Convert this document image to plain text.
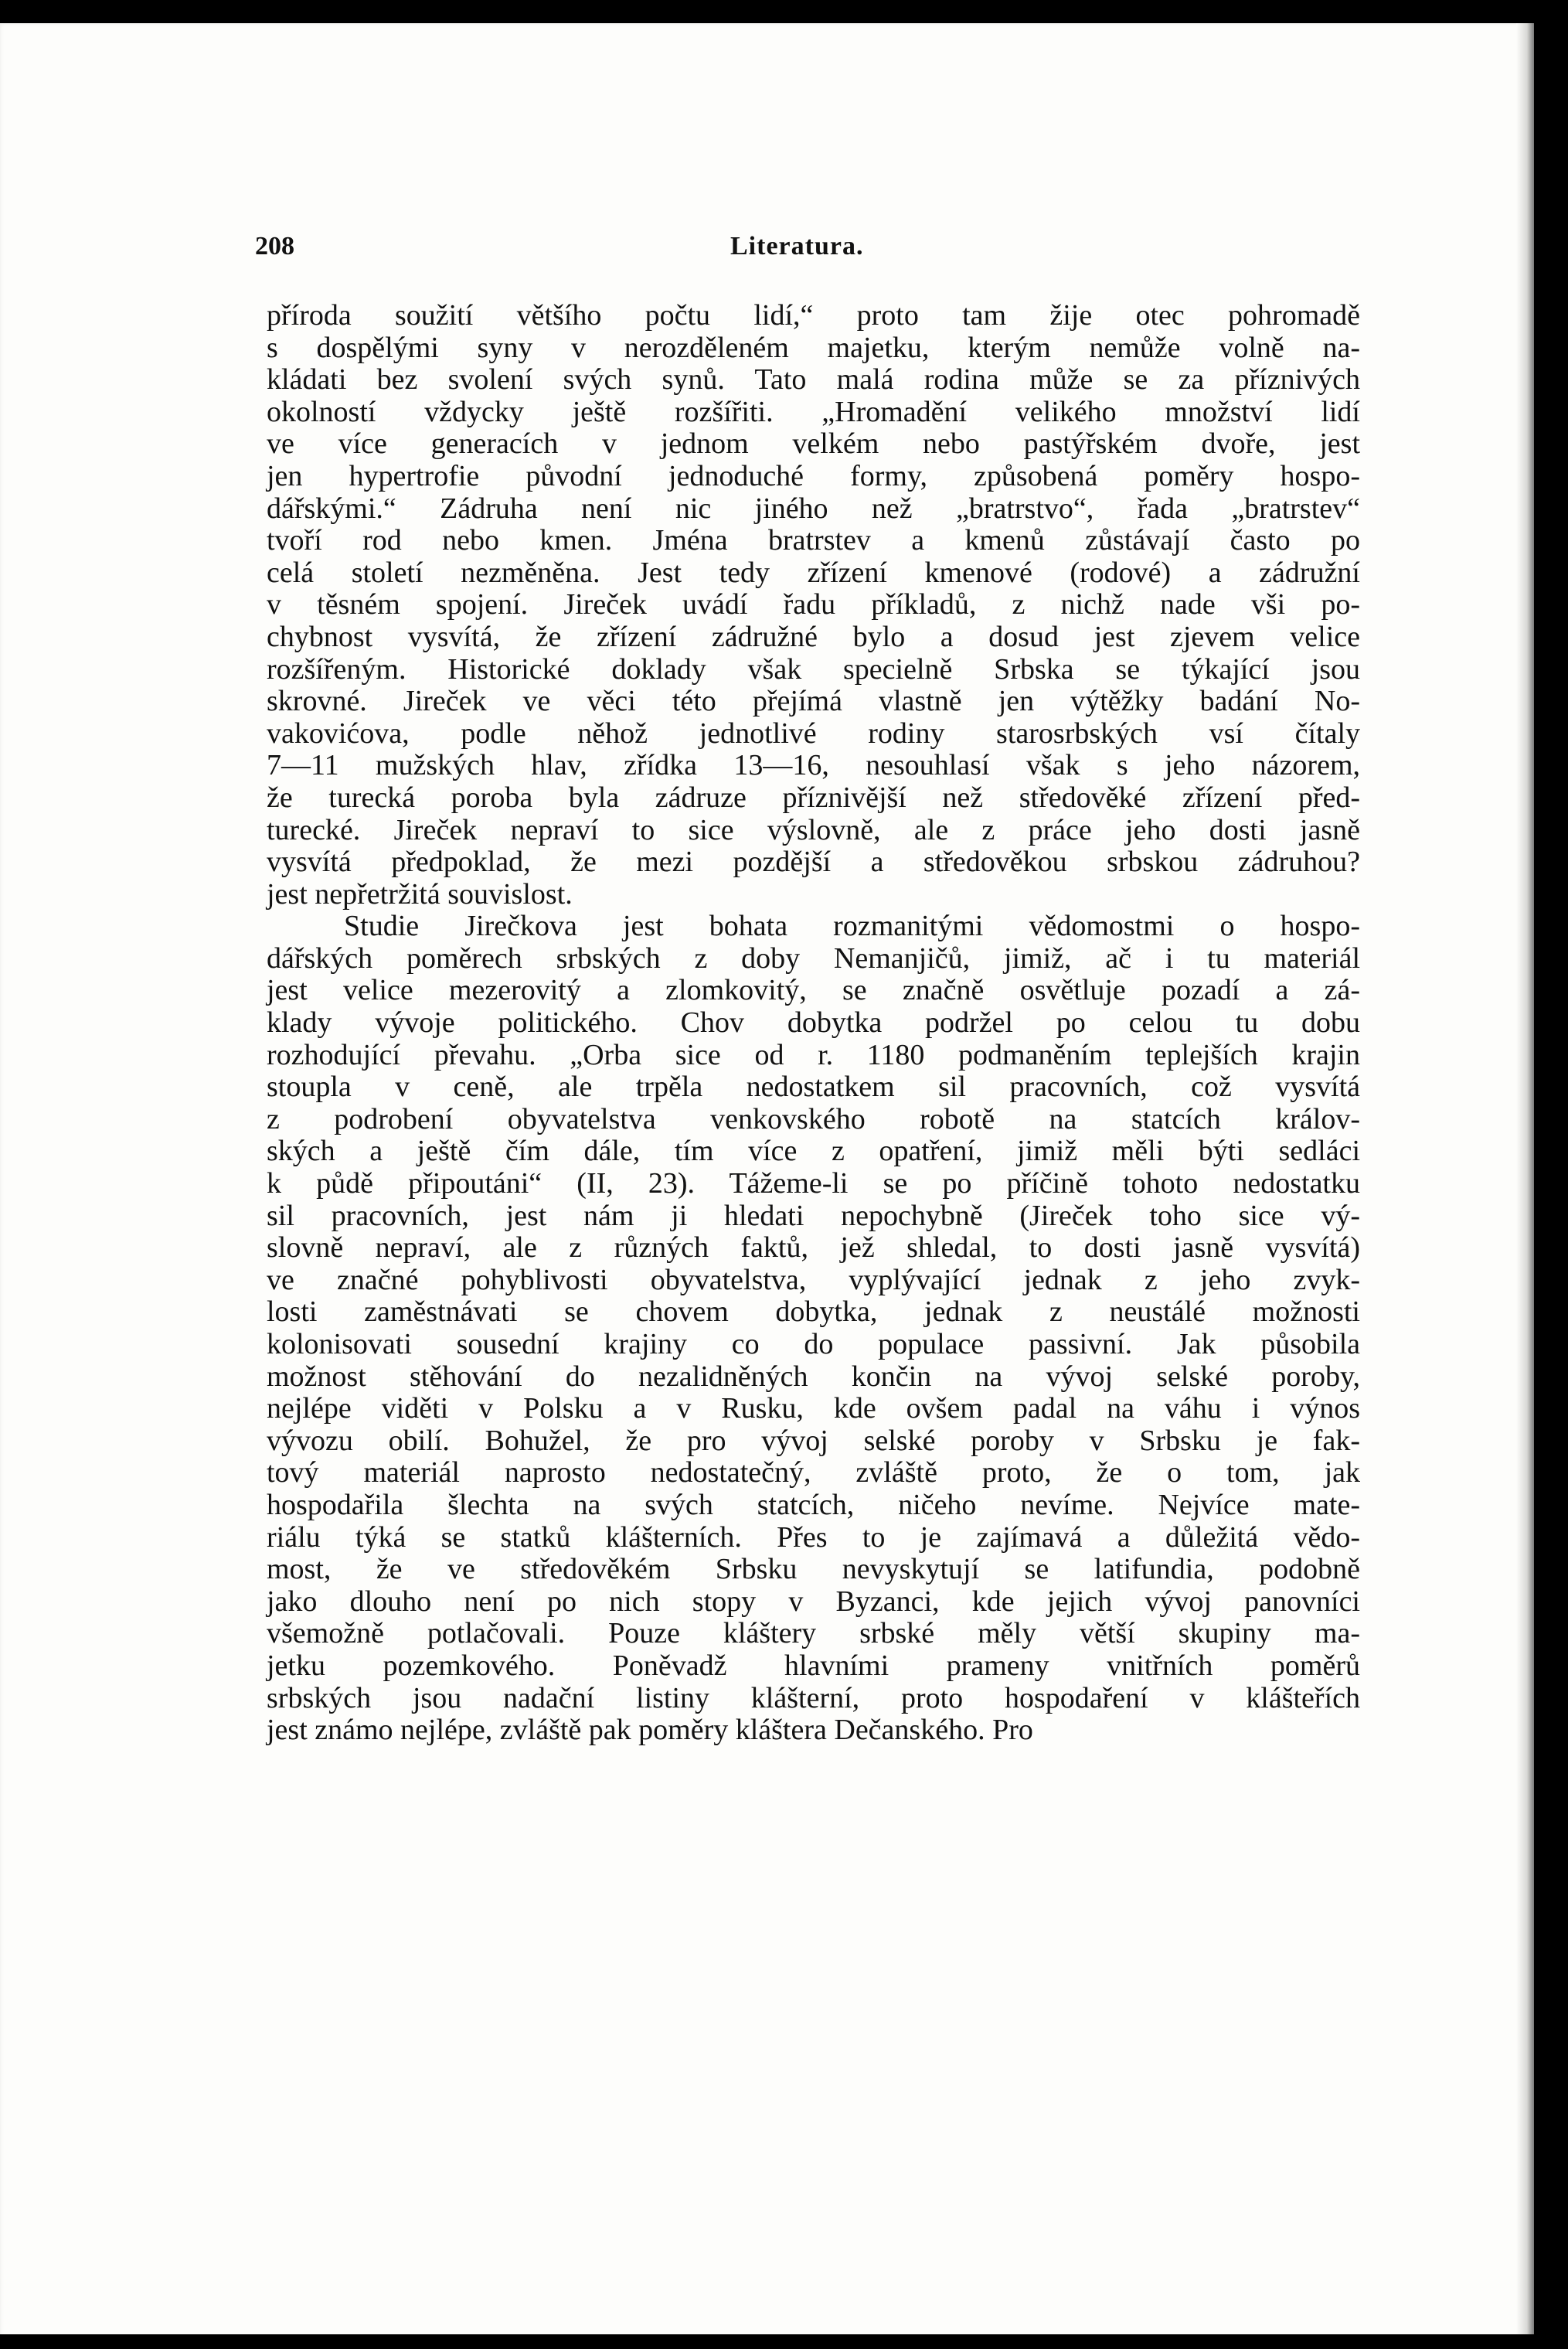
208	Literatura.
příroda soužití většího počtu lidí,“ proto tam žije otec pohromadě
s dospělými syny v nerozděleném majetku, kterým nemůže volně na-
kládati bez svolení svých synů. Tato malá rodina může se za příznivých
okolností vždycky ještě rozšířiti. „Hromadění velikého množství lidí
ve více generacích v jednom velkém nebo pastýřském dvoře, jest
jen hypertrofie původní jednoduché formy, způsobená poměry hospo-
dářskými.“ Zádruha není nic jiného než „bratrstvo“, řada „bratrstev“
tvoří rod nebo kmen. Jména bratrstev a kmenů zůstávají často po
celá století nezměněna. Jest tedy zřízení kmenové (rodové) a zádružní
v těsném spojení. Jireček uvádí řadu příkladů, z nichž nade vši po-
chybnost vysvítá, že zřízení zádružné bylo a dosud jest zjevem velice
rozšířeným. Historické doklady však specielně Srbska se týkající jsou
skrovné. Jireček ve věci této přejímá vlastně jen výtěžky badání No-
vakovićova, podle něhož jednotlivé rodiny starosrbských vsí čítaly
7—11 mužských hlav, zřídka 13—16, nesouhlasí však s jeho názorem,
že turecká poroba byla zádruze příznivější než středověké zřízení před-
turecké. Jireček nepraví to sice výslovně, ale z práce jeho dosti jasně
vysvítá předpoklad, že mezi pozdější a středověkou srbskou zádruhou?
jest nepřetržitá souvislost.
Studie Jirečkova jest bohata rozmanitými vědomostmi o hospo-
dářských poměrech srbských z doby Nemanjičů, jimiž, ač i tu materiál
jest velice mezerovitý a zlomkovitý, se značně osvětluje pozadí a zá-
klady vývoje politického. Chov dobytka podržel po celou tu dobu
rozhodující převahu. „Orba sice od r. 1180 podmaněním teplejších krajin
stoupla v ceně, ale trpěla nedostatkem sil pracovních, což vysvítá
z podrobení obyvatelstva venkovského robotě na statcích králov-
ských a ještě čím dále, tím více z opatření, jimiž měli býti sedláci
k půdě připoutáni“ (II, 23). Tážeme-li se po příčině tohoto nedostatku
sil pracovních, jest nám ji hledati nepochybně (Jireček toho sice vý-
slovně nepraví, ale z různých faktů, jež shledal, to dosti jasně vysvítá)
ve značné pohyblivosti obyvatelstva, vyplývající jednak z jeho zvyk-
losti zaměstnávati se chovem dobytka, jednak z neustálé možnosti
kolonisovati sousední krajiny co do populace passivní. Jak působila
možnost stěhování do nezalidněných končin na vývoj selské poroby,
nejlépe viděti v Polsku a v Rusku, kde ovšem padal na váhu i výnos
vývozu obilí. Bohužel, že pro vývoj selské poroby v Srbsku je fak-
tový materiál naprosto nedostatečný, zvláště proto, že o tom, jak
hospodařila šlechta na svých statcích, ničeho nevíme. Nejvíce mate-
riálu týká se statků klášterních. Přes to je zajímavá a důležitá vědo-
most, že ve středověkém Srbsku nevyskytují se latifundia, podobně
jako dlouho není po nich stopy v Byzanci, kde jejich vývoj panovníci
všemožně potlačovali. Pouze kláštery srbské měly větší skupiny ma-
jetku pozemkového. Poněvadž hlavními prameny vnitřních poměrů
srbských jsou nadační listiny klášterní, proto hospodaření v klášteřích
jest známo nejlépe, zvláště pak poměry kláštera Dečanského. Pro
